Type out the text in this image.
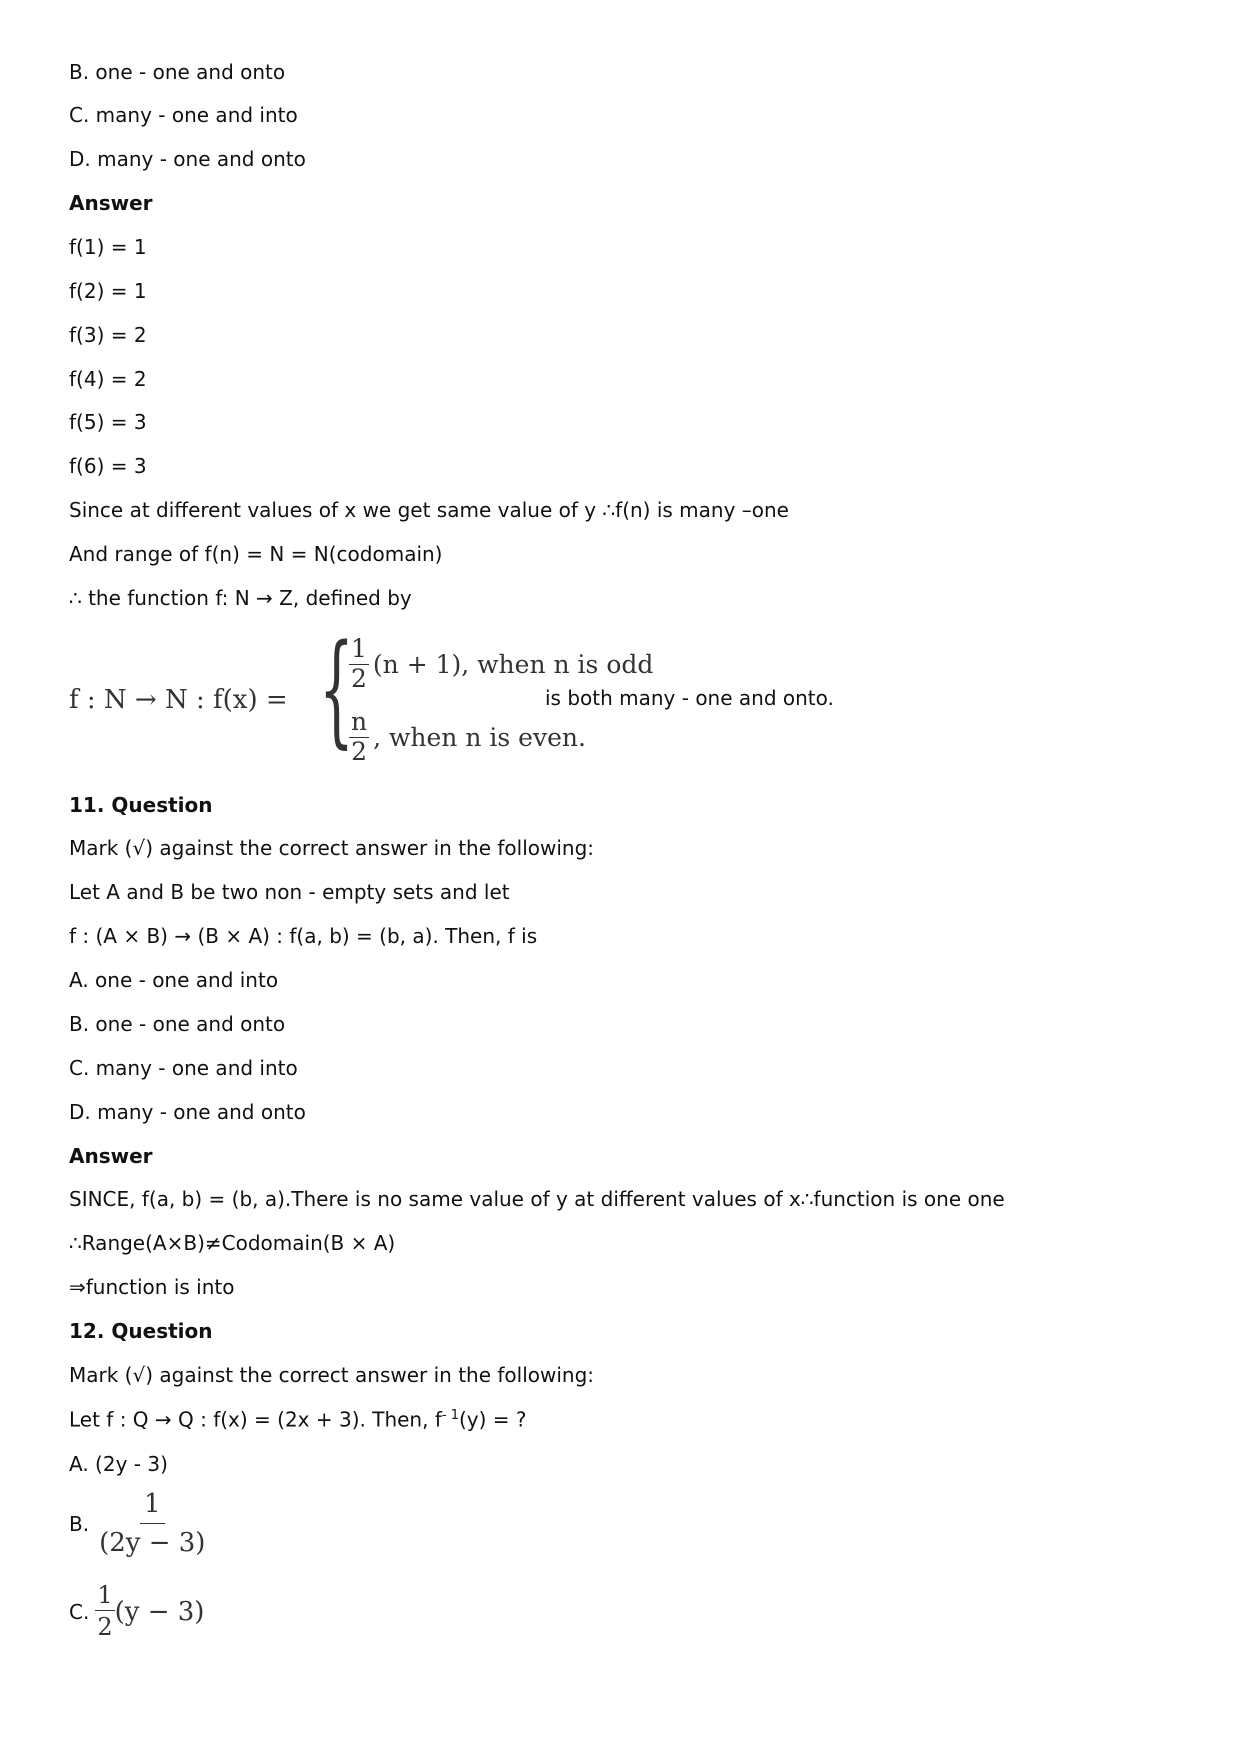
B. one - one and onto
C. many - one and into
D. many - one and onto
Answer
f(1) = 1
f(2) = 1
f(3) = 2
f(4) = 2
f(5) = 3
f(6) = 3
Since at different values of x we get same value of y ∴f(n) is many –one
And range of f(n) = N = N(codomain)
∴ the function f: N → Z, defined by
f : N → N : f(x) = {
$\frac{1}{2} (n + 1)$, when n is odd
$\frac{n}{2}$ , when n is even.
is both many - one and onto.
11. Question
Mark (√) against the correct answer in the following:
Let A and B be two non - empty sets and let
f : (A × B) → (B × A) : f(a, b) = (b, a). Then, f is
A. one - one and into
B. one - one and onto
C. many - one and into
D. many - one and onto
Answer
SINCE, f(a, b) = (b, a).There is no same value of y at different values of x∴function is one one
∴Range(A×B)≠Codomain(B × A)
⇒function is into
12. Question
Mark (√) against the correct answer in the following:
Let f : Q → Q : f(x) = (2x + 3). Then, $f^{- 1}(y)$ = ?
A. (2y - 3)
B. $\frac{1}{(2y - 3)}$
C. $\frac{1}{2} (y - 3)$
